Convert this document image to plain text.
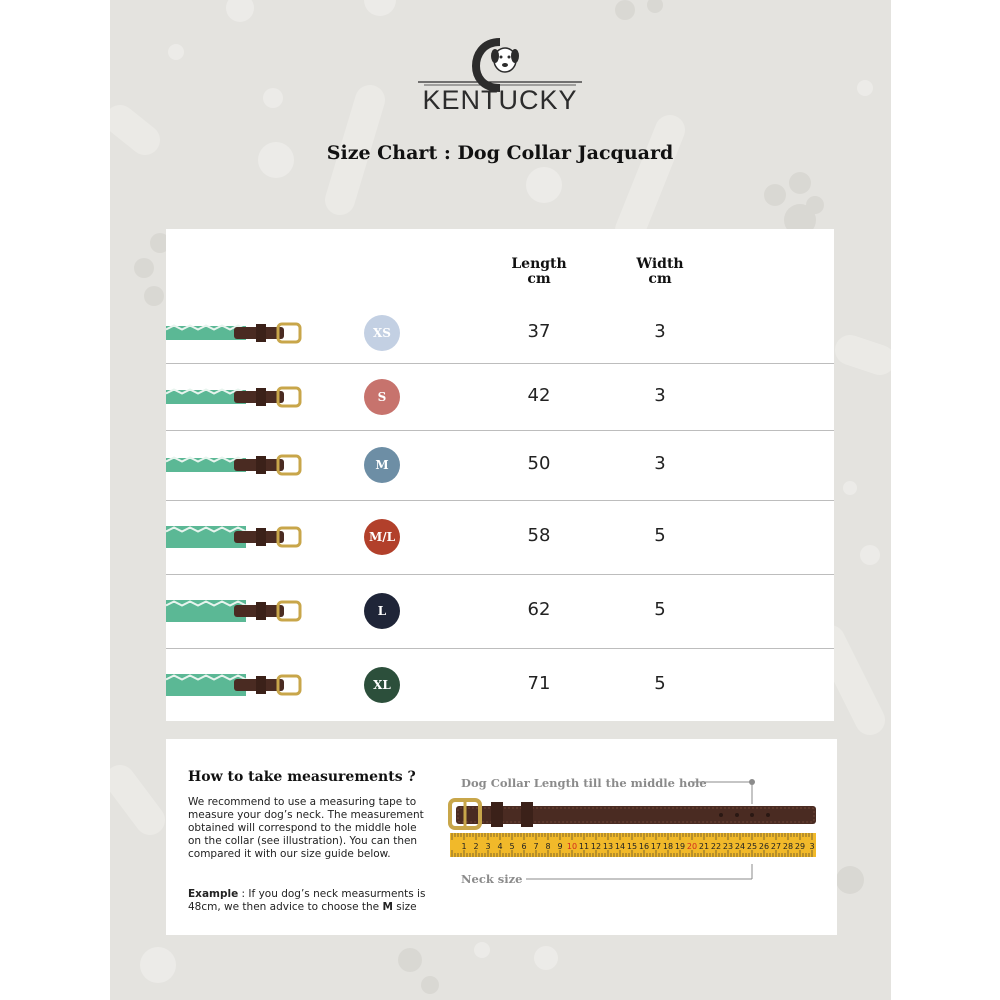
KENTUCKY
Size Chart : Dog Collar Jacquard
Length
cm
Width
cm
XS	37	3
S	42	3
M	50	3
M/L	58	5
L	62	5
XL	71	5
How to take measurements ?
We recommend to use a measuring tape to measure your dog’s neck. The measurement obtained will correspond to the middle hole on the collar (see illustration). You can then compared it with our size guide below.
Example : If you dog’s neck measurments is 48cm, we then advice to choose the M size
Dog Collar Length till the middle hole
Neck size
1 2 3 4 5 6 7 8 9 10 11 12 13 14 15 16 17 18 19 20 21 22 23 24 25 26 27 28 29 3
